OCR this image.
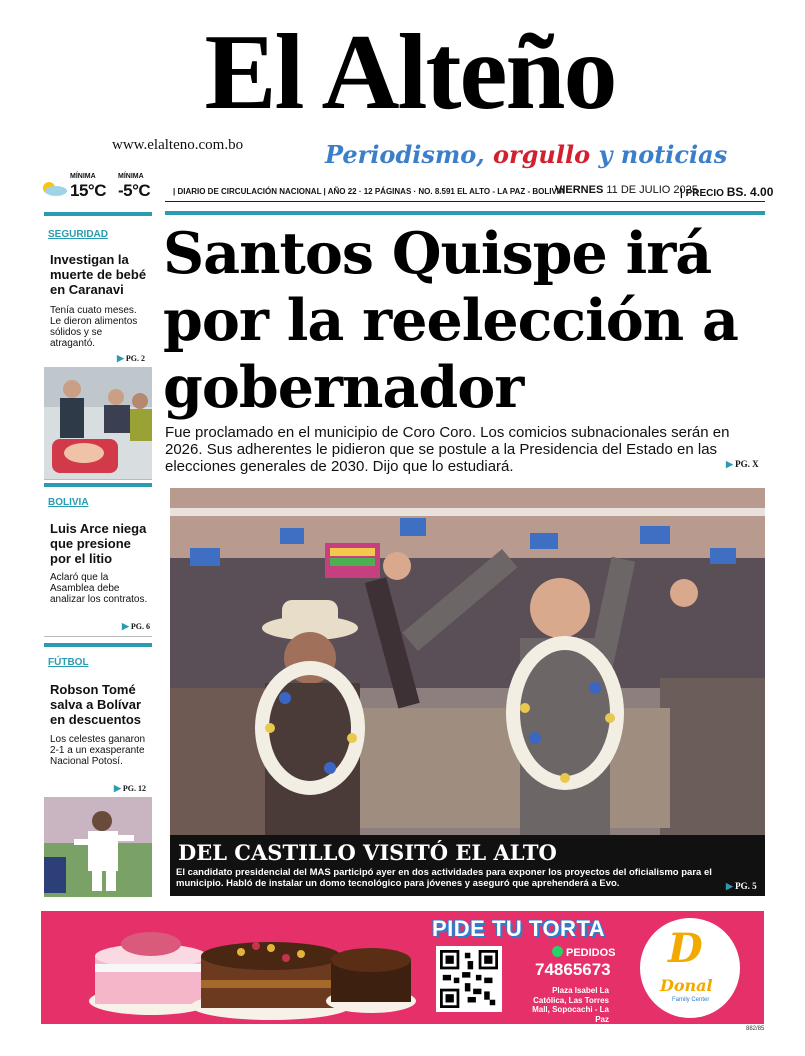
El Alteño
www.elalteno.com.bo	Periodismo, orgullo y noticias
MÍNIMA
15°C
MÍNIMA
-5°C	| DIARIO DE CIRCULACIÓN NACIONAL | AÑO 22 · 12 PÁGINAS · NO. 8.591 EL ALTO - LA PAZ - BOLIVIA
VIERNES 11 DE JULIO 2025
| PRECIO BS. 4.00
SEGURIDAD
Investigan la muerte de bebé en Caranavi
Tenía cuato meses. Le dieron alimentos sólidos y se atragantó.
▶ PG. 2
BOLIVIA
Luis Arce niega que presione por el litio
Aclaró que la Asamblea debe analizar los contratos.
▶ PG. 6
FÚTBOL
Robson Tomé salva a Bolívar en descuentos
Los celestes ganaron 2-1 a un exasperante Nacional Potosí.
▶ PG. 12
Santos Quispe irá por la reelección a gobernador

Fue proclamado en el municipio de Coro Coro. Los comicios subnacionales serán en 2026. Sus adherentes le pidieron que se postule a la Presidencia del Estado en las elecciones generales de 2030. Dijo que lo estudiará.	▶ PG. X
DEL CASTILLO VISITÓ EL ALTO
El candidato presidencial del MAS participó ayer en dos actividades para exponer los proyectos del oficialismo para el municipio. Habló de instalar un domo tecnológico para jóvenes y aseguró que aprehenderá a Evo.	▶ PG. 5
PIDE TU TORTA
PEDIDOS
74865673
Plaza Isabel La Católica, Las Torres Mall, Sopocachi - La Paz
D
Donal
Family Center
882/85
